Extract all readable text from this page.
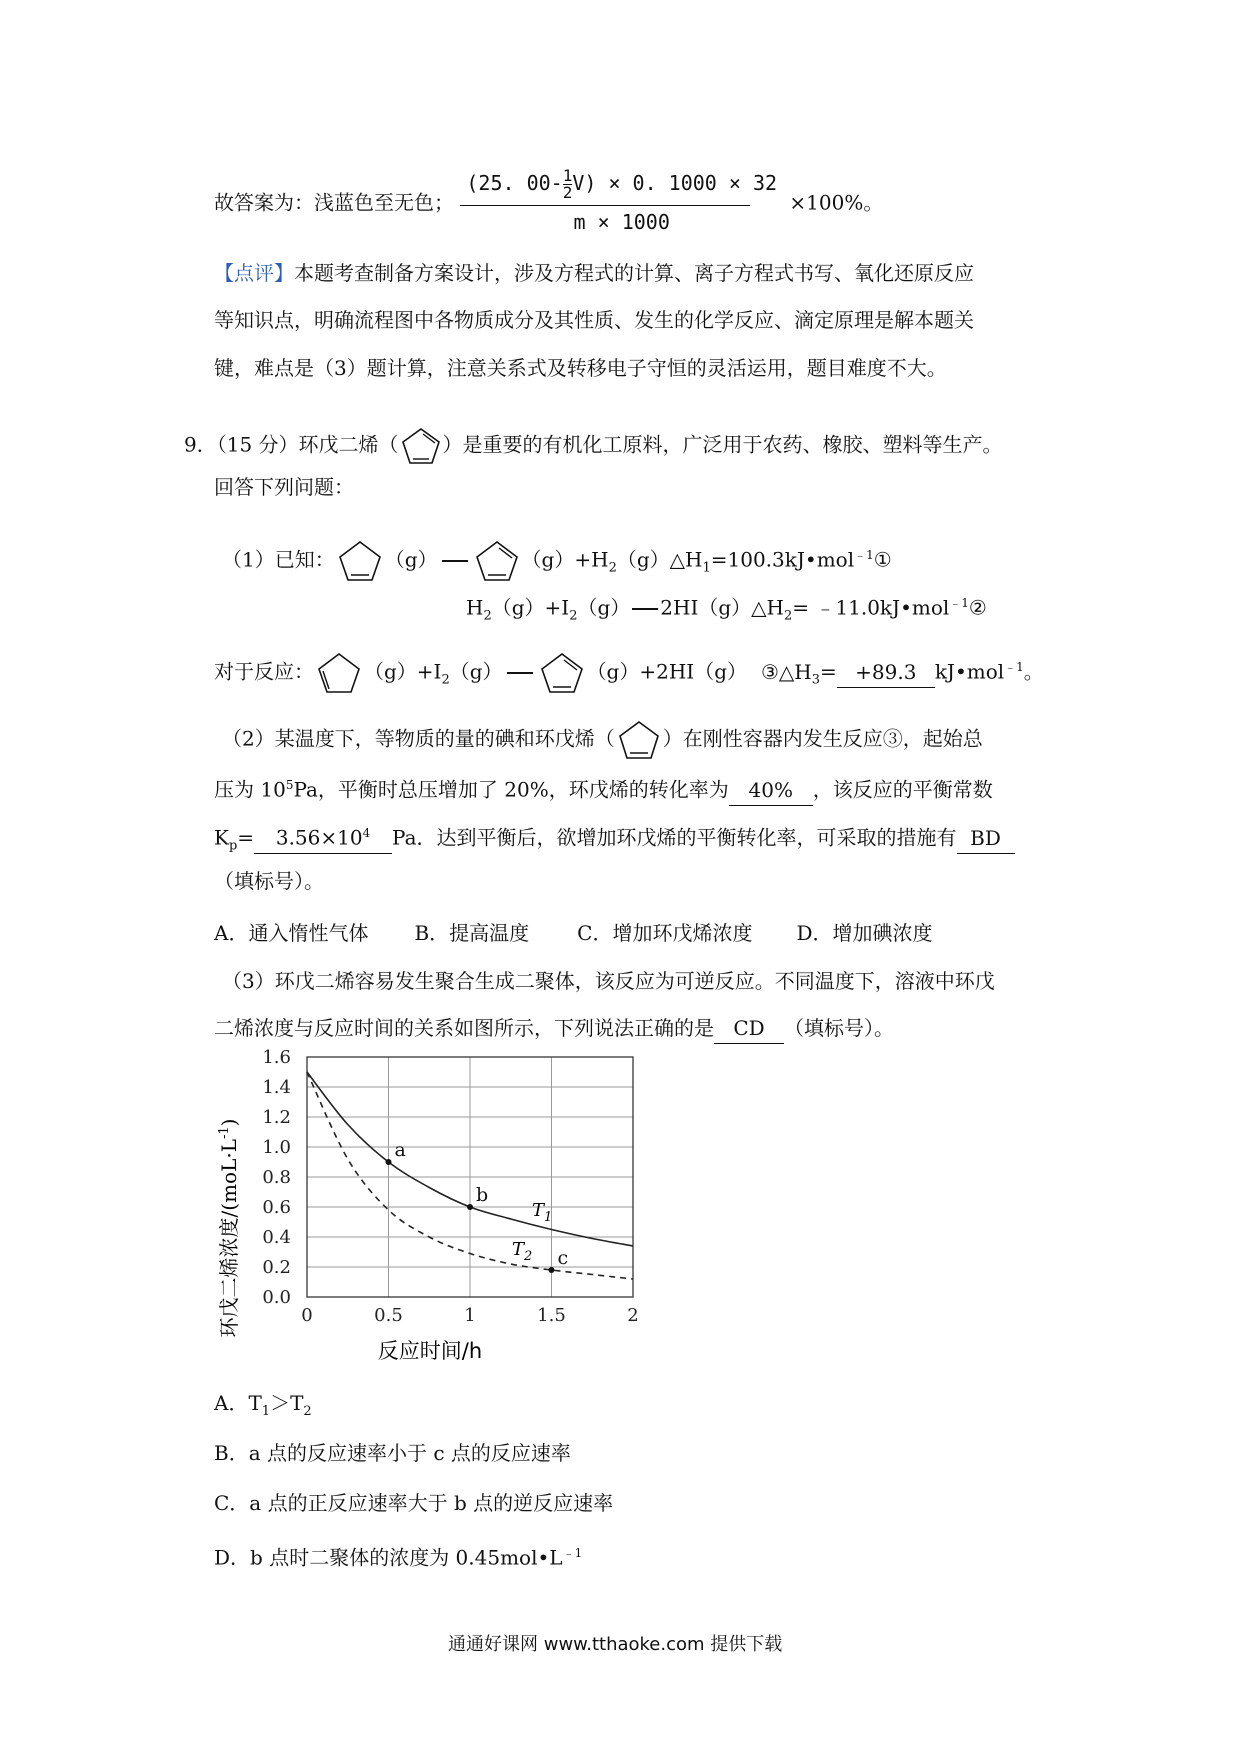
故答案为：浅蓝色至无色； $\frac{(25. 00- \frac{1}{2} V) \times 0. 1000 \times 32}{m \times 1000} \times 100\%$。
【点评】本题考查制备方案设计，涉及方程式的计算、离子方程式书写、氧化还原反应
等知识点，明确流程图中各物质成分及其性质、发生的化学反应、滴定原理是解本题关
键，难点是（3）题计算，注意关系式及转移电子守恒的灵活运用，题目难度不大。
9．（15 分）环戊二烯（ ）是重要的有机化工原料，广泛用于农药、橡胶、塑料等生产。
回答下列问题：
（1）已知：	（g）	$(g)+H_2(g)\triangle H_1=100.3kJ•mol^{﹣1}①$
$H_2(g)+I_2(g)$ $2HI(g)\triangle H_2=$ ﹣11.0kJ•mol$^{﹣1}$②
对于反应：	$(g)+I_2(g)$	（g）+2HI（g） $③\triangle H_3= +89.3$ kJ•mol$^{﹣1}$。
（2）某温度下，等物质的量的碘和环戊烯（ ）在刚性容器内发生反应③，起始总
压为 $10^5Pa$，平衡时总压增加了 20%，环戊烯的转化率为 40% ，该反应的平衡常数
$K_p= 3.56\times 10^4$ Pa．达到平衡后，欲增加环戊烯的平衡转化率，可采取的措施有 BD
（填标号）。
A．通入惰性气体 B．提高温度 C．增加环戊烯浓度 D．增加碘浓度
（3）环戊二烯容易发生聚合生成二聚体，该反应为可逆反应。不同温度下，溶液中环戊
二烯浓度与反应时间的关系如图所示，下列说法正确的是 CD （填标号）。
a
b
c
0	0.5	1	1.5	2
0.0
0.2
0.4
0.6
0.8
1.0
1.2
1.4
1.6
反应时间/h
环戊二烯浓度$/(moL\cdot L^{-1})$
$T_1$
$T_2$
A．$T_1>T_2$
B．a 点的反应速率小于 c 点的反应速率
C．a 点的正反应速率大于 b 点的逆反应速率
D．b 点时二聚体的浓度为 $0.45mol•L^{﹣1}$
通通好课网 www.tthaoke.com 提供下载
